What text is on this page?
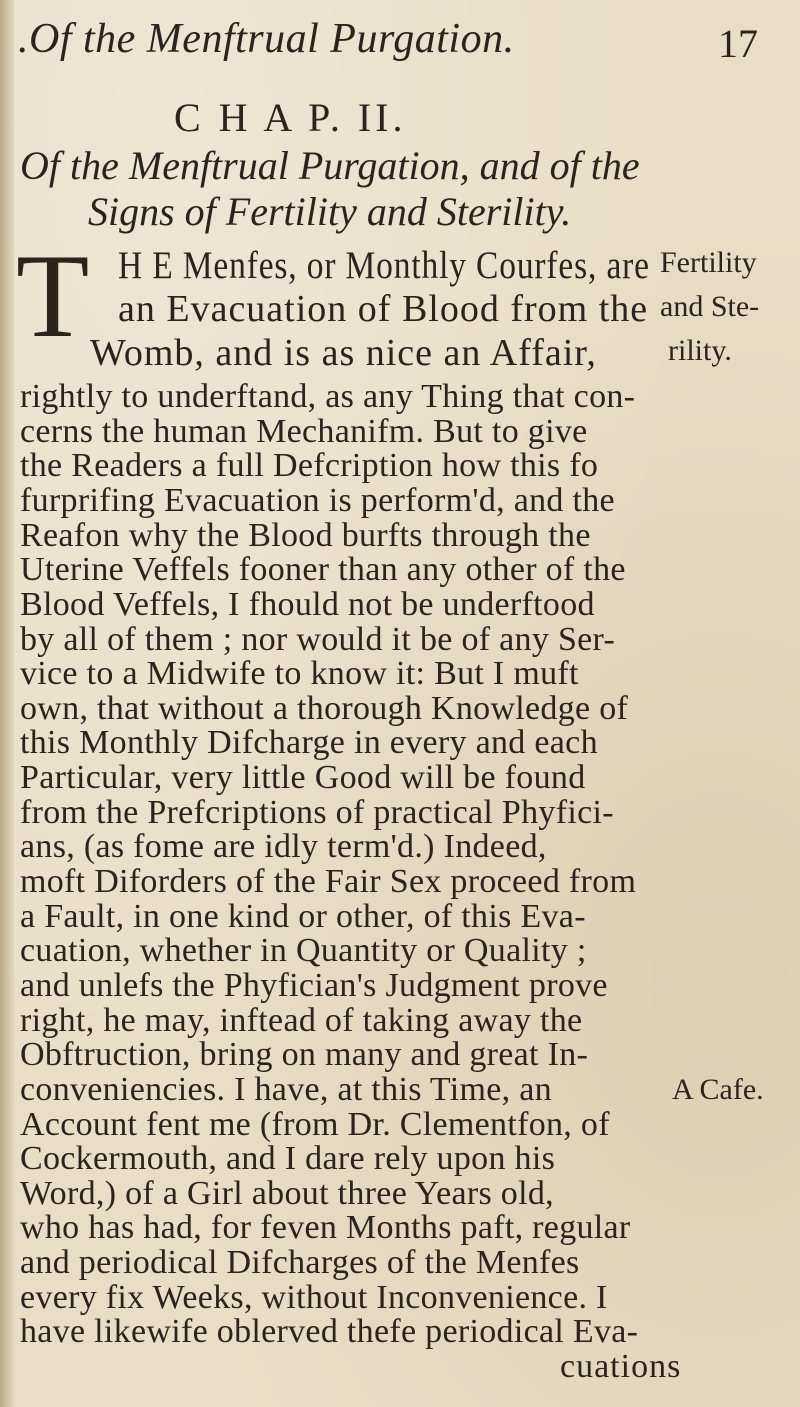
.Of the Menftrual Purgation.	17
C H A P. II.
Of the Menftrual Purgation, and of the
Signs of Fertility and Sterility.
T H E Menfes, or Monthly Courfes, are
an Evacuation of Blood from the
Womb, and is as nice an Affair,
Fertility
and Ste-
rility.
rightly to underftand, as any Thing that con-
cerns the human Mechanifm. But to give
the Readers a full Defcription how this fo
furprifing Evacuation is perform'd, and the
Reafon why the Blood burfts through the
Uterine Veffels fooner than any other of the
Blood Veffels, I fhould not be underftood
by all of them ; nor would it be of any Ser-
vice to a Midwife to know it: But I muft
own, that without a thorough Knowledge of
this Monthly Difcharge in every and each
Particular, very little Good will be found
from the Prefcriptions of practical Phyfici-
ans, (as fome are idly term'd.) Indeed,
moft Diforders of the Fair Sex proceed from
a Fault, in one kind or other, of this Eva-
cuation, whether in Quantity or Quality ;
and unlefs the Phyfician's Judgment prove
right, he may, inftead of taking away the
Obftruction, bring on many and great In-
conveniencies. I have, at this Time, an
Account fent me (from Dr. Clementfon, of
Cockermouth, and I dare rely upon his
Word,) of a Girl about three Years old,
who has had, for feven Months paft, regular
and periodical Difcharges of the Menfes
every fix Weeks, without Inconvenience. I
have likewife oblerved thefe periodical Eva-
A Cafe.
cuations
